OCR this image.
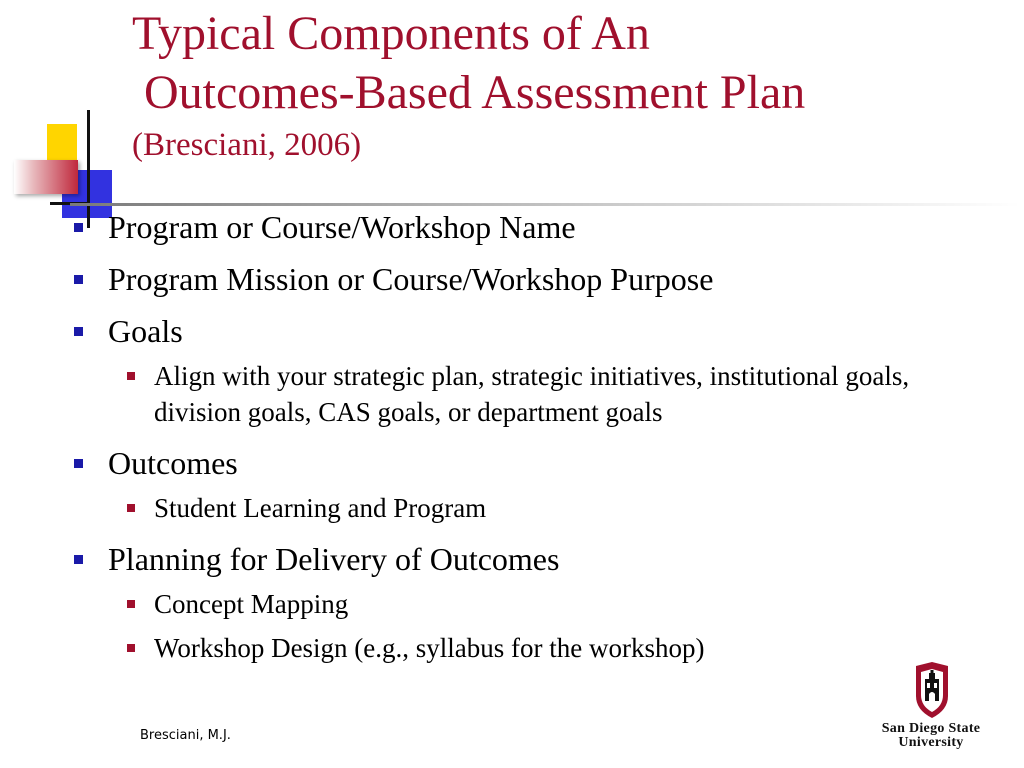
Typical Components of An
Outcomes-Based Assessment Plan
(Bresciani, 2006)

Program or Course/Workshop Name

Program Mission or Course/Workshop Purpose

Goals

Align with your strategic plan, strategic initiatives, institutional goals, division goals, CAS goals, or department goals

Outcomes

Student Learning and Program

Planning for Delivery of Outcomes

Concept Mapping

Workshop Design (e.g., syllabus for the workshop)

Bresciani, M.J.	San Diego State
University
